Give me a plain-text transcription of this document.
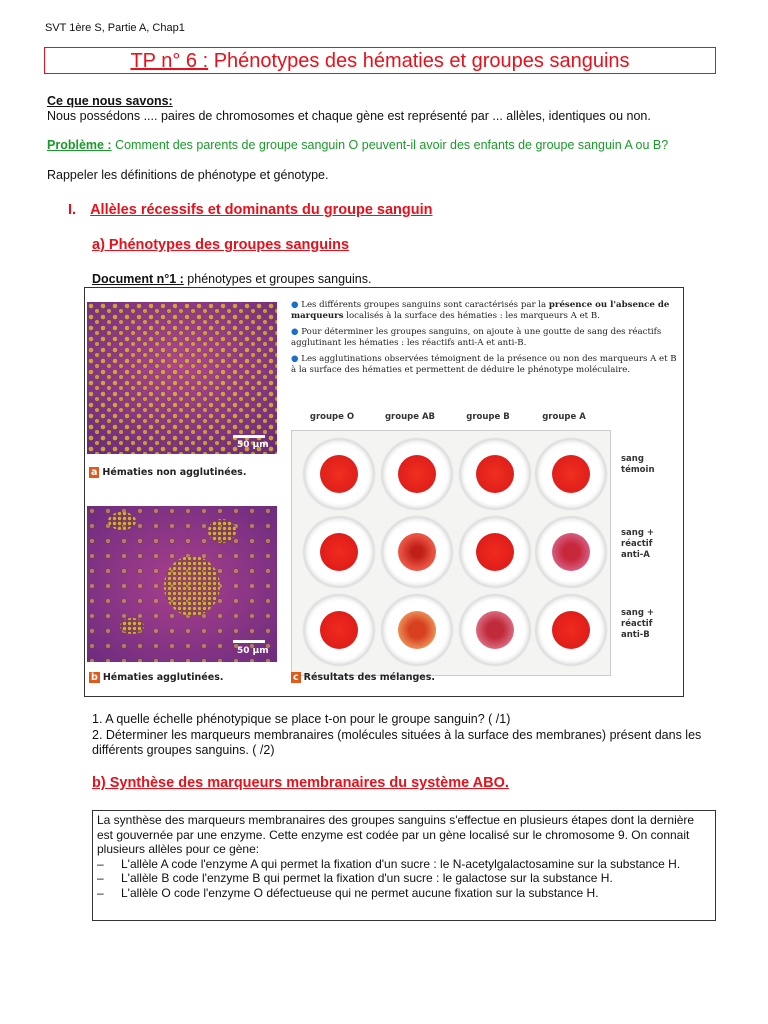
SVT 1ère S, Partie A, Chap1
TP n° 6 : Phénotypes des hématies et groupes sanguins
Ce que nous savons:
Nous possédons .... paires de chromosomes et chaque gène est représenté par ... allèles, identiques ou non.
Problème : Comment des parents de groupe sanguin O peuvent-il avoir des enfants de groupe sanguin A ou B?
Rappeler les définitions de phénotype et génotype.
I. Allèles récessifs et dominants du groupe sanguin
a) Phénotypes des groupes sanguins
Document n°1 : phénotypes et groupes sanguins.
50 µm
a Hématies non agglutinées.
50 µm
b Hématies agglutinées.

● Les différents groupes sanguins sont caractérisés par la présence ou l'absence de marqueurs localisés à la surface des hématies : les marqueurs A et B.

● Pour déterminer les groupes sanguins, on ajoute à une goutte de sang des réactifs agglutinant les hématies : les réactifs anti-A et anti-B.

● Les agglutinations observées témoignent de la présence ou non des marqueurs A et B à la surface des hématies et permettent de déduire le phénotype moléculaire.

groupe O	groupe AB	groupe B	groupe A
sang témoin
sang + réactif anti-A
sang + réactif anti-B
c Résultats des mélanges.
1. A quelle échelle phénotypique se place t-on pour le groupe sanguin? ( /1)
2. Déterminer les marqueurs membranaires (molécules situées à la surface des membranes) présent dans les différents groupes sanguins. ( /2)
b) Synthèse des marqueurs membranaires du système ABO.
La synthèse des marqueurs membranaires des groupes sanguins s'effectue en plusieurs étapes dont la dernière est gouvernée par une enzyme. Cette enzyme est codée par un gène localisé sur le chromosome 9. On connait plusieurs allèles pour ce gène:
–	L'allèle A code l'enzyme A qui permet la fixation d'un sucre : le N-acetylgalactosamine sur la substance H.
–	L'allèle B code l'enzyme B qui permet la fixation d'un sucre : le galactose sur la substance H.
–	L'allèle O code l'enzyme O défectueuse qui ne permet aucune fixation sur la substance H.
